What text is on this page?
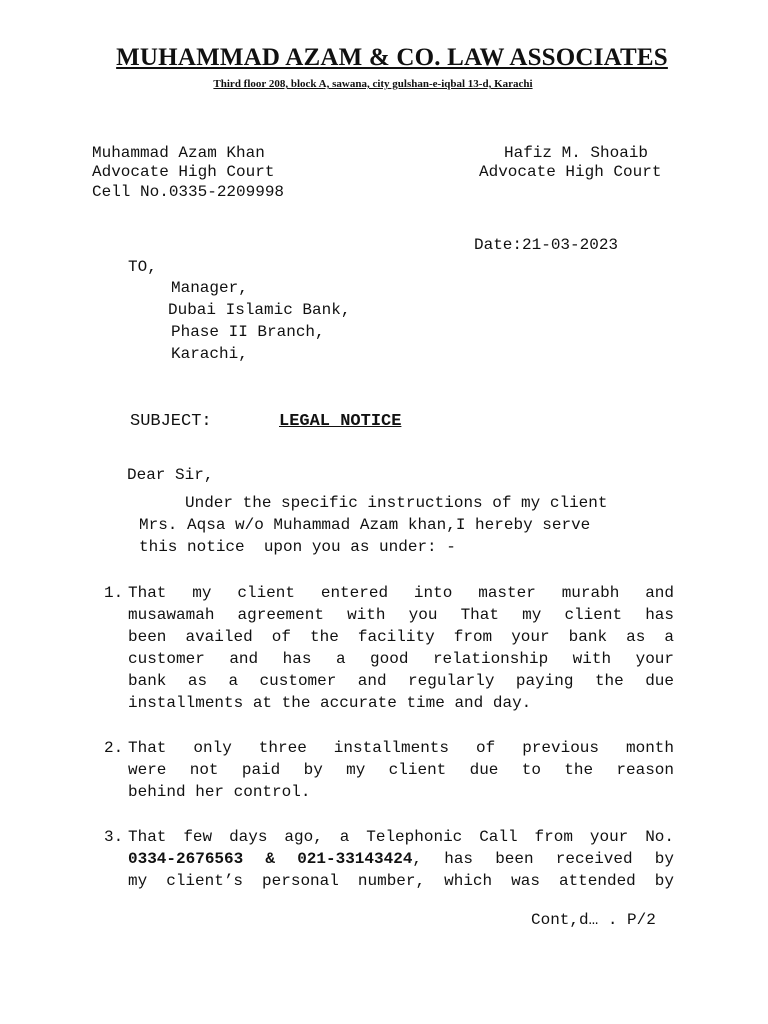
MUHAMMAD AZAM & CO. LAW ASSOCIATES
Third floor 208, block A, sawana, city gulshan-e-iqbal 13-d, Karachi
Muhammad Azam Khan
Advocate High Court
Cell No.0335-2209998
Hafiz M. Shoaib
Advocate High Court
Date:21-03-2023
TO,
Manager,
Dubai Islamic Bank,
Phase II Branch,
Karachi,
SUBJECT:	LEGAL NOTICE
Dear Sir,
Under the specific instructions of my client
Mrs. Aqsa w/o Muhammad Azam khan,I hereby serve
this notice  upon you as under: -
1. That my client entered into master murabh and
musawamah agreement with you That my client has
been availed of the facility from your bank as a
customer and has a good relationship with your
bank as a customer and regularly paying the due
installments at the accurate time and day.
2. That only three installments of previous month
were not paid by my client due to the reason
behind her control.
3. That few days ago, a Telephonic Call from your No.
0334-2676563 & 021-33143424, has been received by
my client’s personal number, which was attended by
Cont,d… . P/2
